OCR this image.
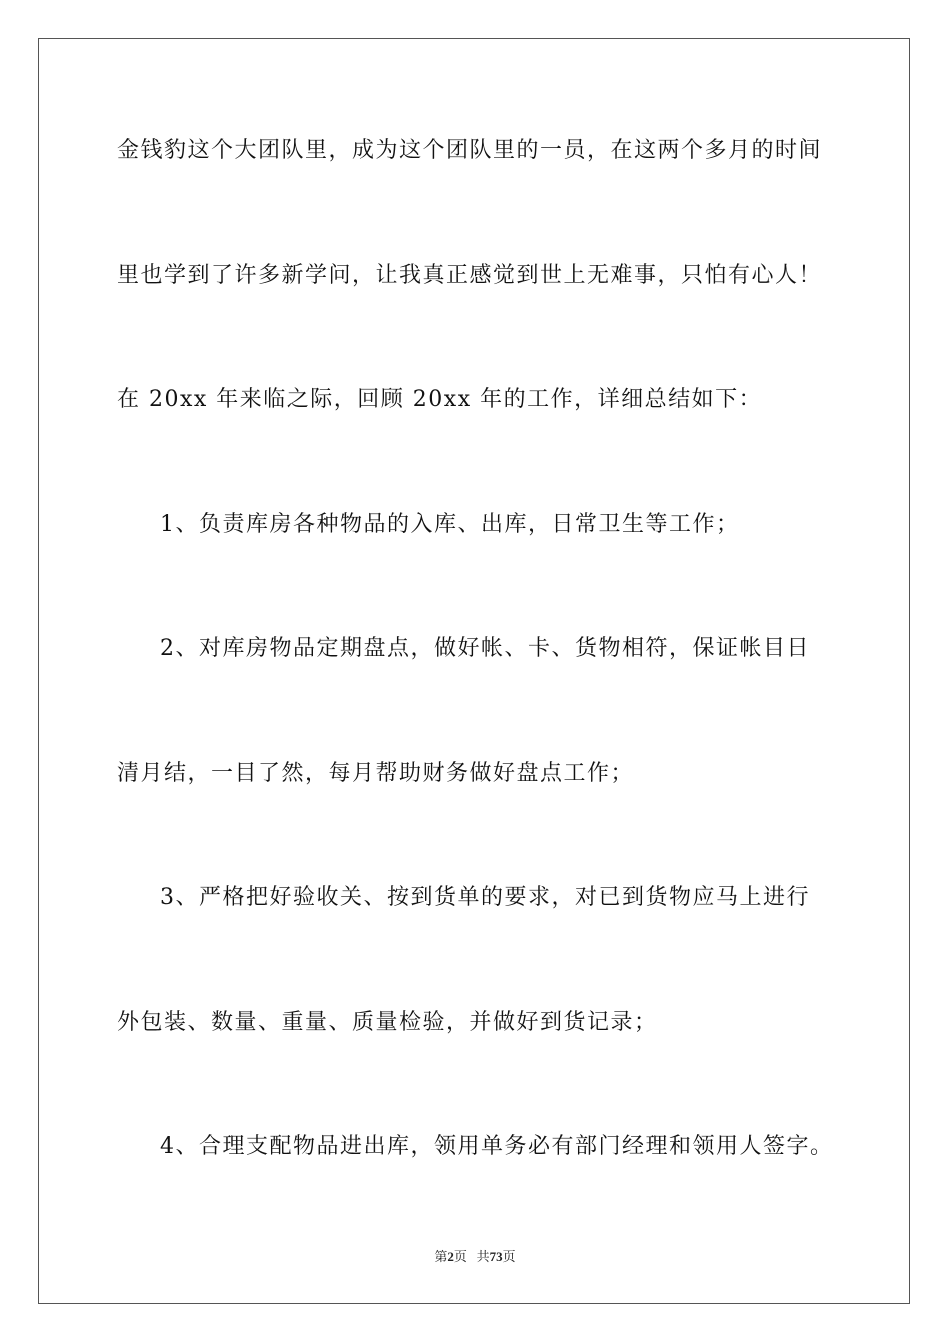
金钱豹这个大团队里，成为这个团队里的一员，在这两个多月的时间
里也学到了许多新学问，让我真正感觉到世上无难事，只怕有心人！
在 20xx 年来临之际，回顾 20xx 年的工作，详细总结如下：
1、负责库房各种物品的入库、出库，日常卫生等工作；
2、对库房物品定期盘点，做好帐、卡、货物相符，保证帐目日
清月结，一目了然，每月帮助财务做好盘点工作；
3、严格把好验收关、按到货单的要求，对已到货物应马上进行
外包装、数量、重量、质量检验，并做好到货记录；
4、合理支配物品进出库，领用单务必有部门经理和领用人签字。
第2页 共73页
